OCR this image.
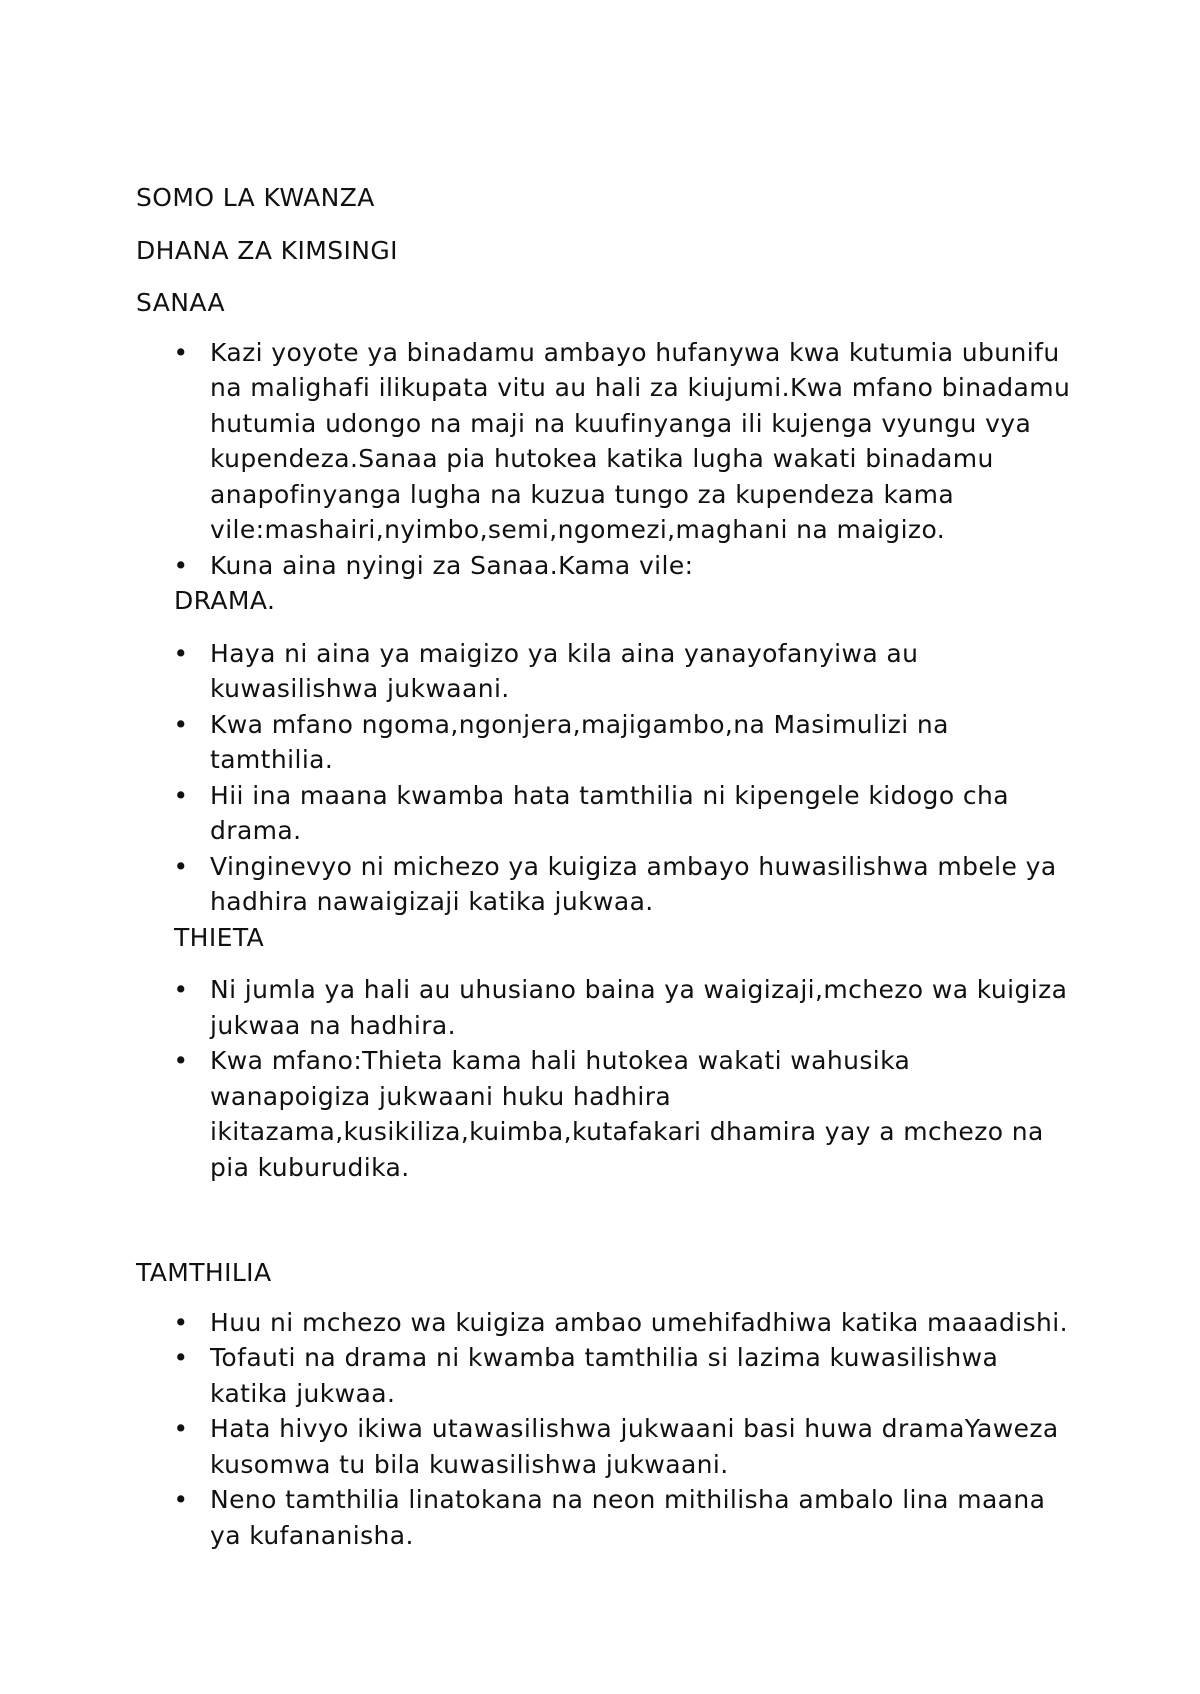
SOMO LA KWANZA
DHANA ZA KIMSINGI
SANAA
• Kazi yoyote ya binadamu ambayo hufanywa kwa kutumia ubunifu na malighafi ilikupata vitu au hali za kiujumi.Kwa mfano binadamu hutumia udongo na maji na kuufinyanga ili kujenga vyungu vya kupendeza.Sanaa pia hutokea katika lugha wakati binadamu anapofinyanga lugha na kuzua tungo za kupendeza kama vile:mashairi,nyimbo,semi,ngomezi,maghani na maigizo.
• Kuna aina nyingi za Sanaa.Kama vile:
DRAMA.
• Haya ni aina ya maigizo ya kila aina yanayofanyiwa au kuwasilishwa jukwaani.
• Kwa mfano ngoma,ngonjera,majigambo,na Masimulizi na tamthilia.
• Hii ina maana kwamba hata tamthilia ni kipengele kidogo cha drama.
• Vinginevyo ni michezo ya kuigiza ambayo huwasilishwa mbele ya hadhira nawaigizaji katika jukwaa.
THIETA
• Ni jumla ya hali au uhusiano baina ya waigizaji,mchezo wa kuigiza jukwaa na hadhira.
• Kwa mfano:Thieta kama hali hutokea wakati wahusika wanapoigiza jukwaani huku hadhira ikitazama,kusikiliza,kuimba,kutafakari dhamira yay a mchezo na pia kuburudika.
TAMTHILIA
• Huu ni mchezo wa kuigiza ambao umehifadhiwa katika maaadishi.
• Tofauti na drama ni kwamba tamthilia si lazima kuwasilishwa katika jukwaa.
• Hata hivyo ikiwa utawasilishwa jukwaani basi huwa dramaYaweza kusomwa tu bila kuwasilishwa jukwaani.
• Neno tamthilia linatokana na neon mithilisha ambalo lina maana ya kufananisha.
